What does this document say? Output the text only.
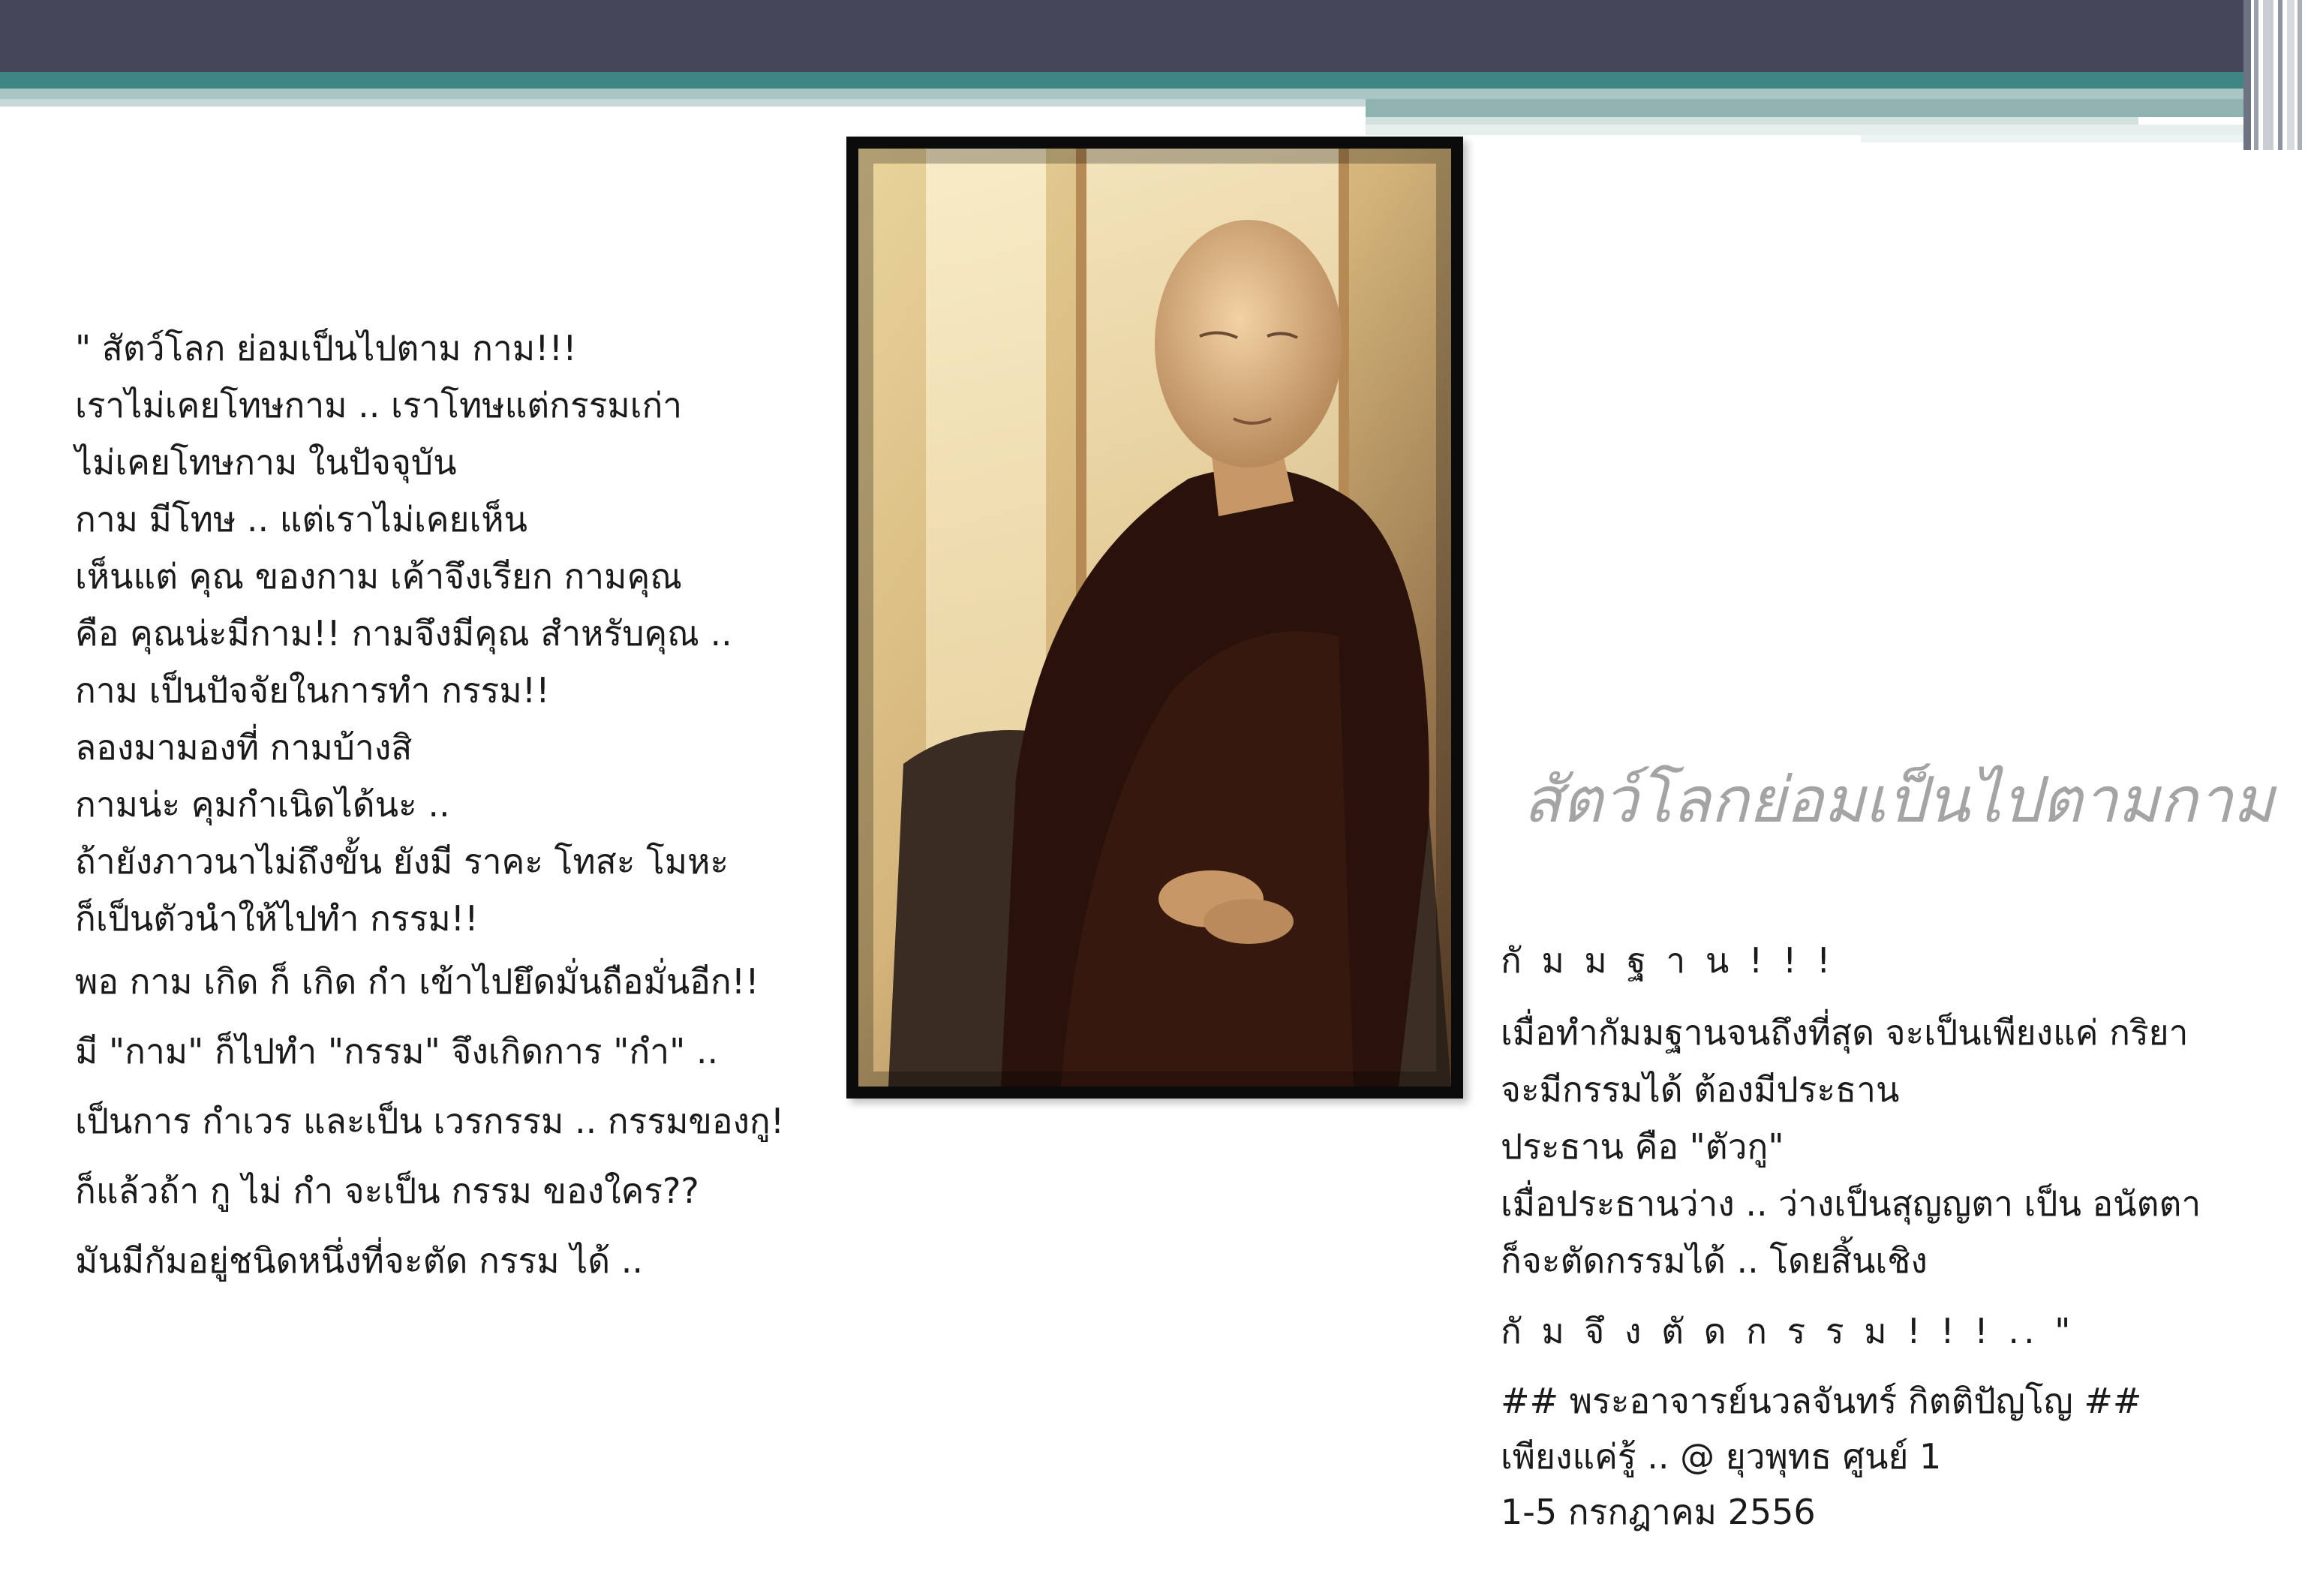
" สัตว์โลก ย่อมเป็นไปตาม กาม!!!
เราไม่เคยโทษกาม .. เราโทษแต่กรรมเก่า
ไม่เคยโทษกาม ในปัจจุบัน
กาม มีโทษ .. แต่เราไม่เคยเห็น
เห็นแต่ คุณ ของกาม เค้าจึงเรียก กามคุณ
คือ คุณน่ะมีกาม!! กามจึงมีคุณ สำหรับคุณ ..
กาม เป็นปัจจัยในการทำ กรรม!!
ลองมามองที่ กามบ้างสิ
กามน่ะ คุมกำเนิดได้นะ ..
ถ้ายังภาวนาไม่ถึงขั้น ยังมี ราคะ โทสะ โมหะ
ก็เป็นตัวนำให้ไปทำ กรรม!!
พอ กาม เกิด ก็ เกิด กำ เข้าไปยึดมั่นถือมั่นอีก!!
มี "กาม" ก็ไปทำ "กรรม" จึงเกิดการ "กำ" ..
เป็นการ กำเวร และเป็น เวรกรรม .. กรรมของกู!
ก็แล้วถ้า กู ไม่ กำ จะเป็น กรรม ของใคร??
มันมีกัมอยู่ชนิดหนึ่งที่จะตัด กรรม ได้ ..
สัตว์โลกย่อมเป็นไปตามกาม
กั ม ม ฐ า น ! ! !
เมื่อทำกัมมฐานจนถึงที่สุด จะเป็นเพียงแค่ กริยา
จะมีกรรมได้ ต้องมีประธาน
ประธาน คือ "ตัวกู"
เมื่อประธานว่าง .. ว่างเป็นสุญญตา เป็น อนัตตา
ก็จะตัดกรรมได้ .. โดยสิ้นเชิง
กั ม จึ ง ตั ด ก ร ร ม ! ! ! .. "
## พระอาจารย์นวลจันทร์ กิตติปัญโญ ##
เพียงแค่รู้ .. @ ยุวพุทธ ศูนย์ 1
1-5 กรกฎาคม 2556
